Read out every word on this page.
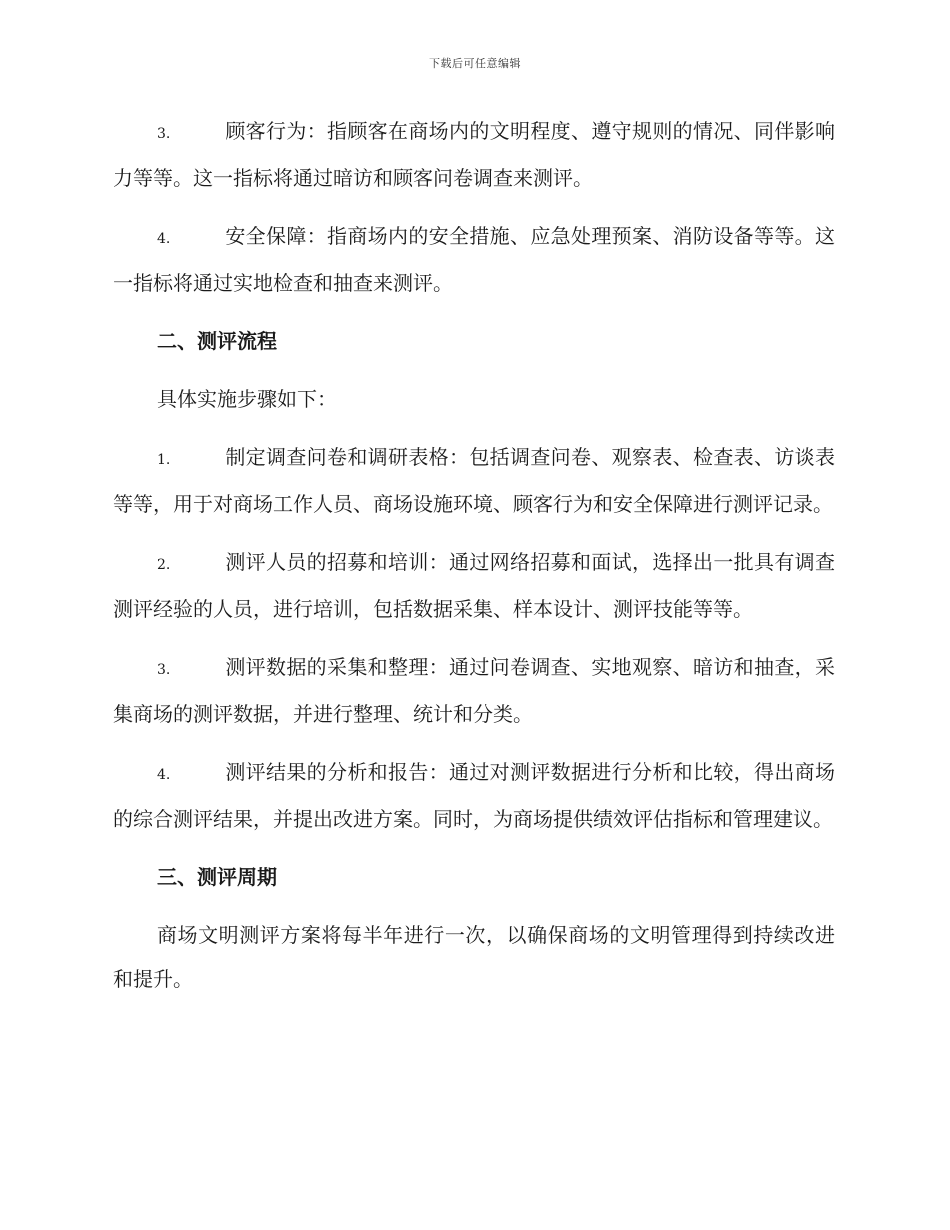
下载后可任意编辑

3.	顾客行为：指顾客在商场内的文明程度、遵守规则的情况、同伴影响力等等。这一指标将通过暗访和顾客问卷调查来测评。

4.	安全保障：指商场内的安全措施、应急处理预案、消防设备等等。这一指标将通过实地检查和抽查来测评。

二、测评流程

具体实施步骤如下：

1.	制定调查问卷和调研表格：包括调查问卷、观察表、检查表、访谈表等等，用于对商场工作人员、商场设施环境、顾客行为和安全保障进行测评记录。

2.	测评人员的招募和培训：通过网络招募和面试，选择出一批具有调查测评经验的人员，进行培训，包括数据采集、样本设计、测评技能等等。

3.	测评数据的采集和整理：通过问卷调查、实地观察、暗访和抽查，采集商场的测评数据，并进行整理、统计和分类。

4.	测评结果的分析和报告：通过对测评数据进行分析和比较，得出商场的综合测评结果，并提出改进方案。同时，为商场提供绩效评估指标和管理建议。

三、测评周期

商场文明测评方案将每半年进行一次，以确保商场的文明管理得到持续改进和提升。
